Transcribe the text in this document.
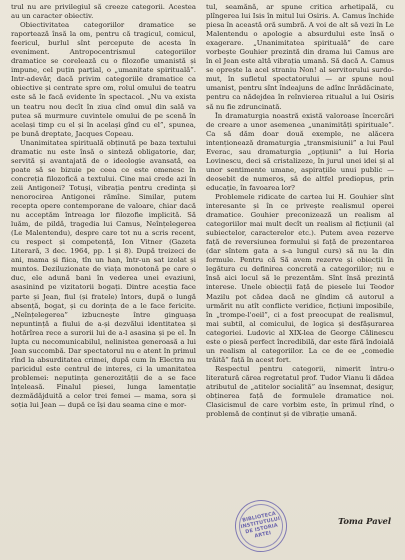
trul nu are privilegiul să creeze categorii. Acestea au un caracter obiectiv.

Obiectivitatea categoriilor dramatice se raportează însă la om, pentru că tragicul, comicul, feericul, burlul sînt percepute de acesta în eveniment. Antropocentrismul categoriilor dramatice se corelează cu o filozofie umanistă și impune, cel puțin parțial, o „umanitate spirituală”. Intr-adevăr, dacă privim categoriile dramatice ca obiective și centrate spre om, rolul omului de teatru este să le facă evidente în spectacol. „Nu va exista un teatru nou decît în ziua cînd omul din sală va putea să murmure cuvintele omului de pe scenă în același timp cu el și în același gînd cu el”, spunea, pe bună dreptate, Jacques Copeau.

Unanimitatea spirituală obținută pe baza textului dramatic nu este însă o sinteză obligatorie, dar, servită și avantajată de o ideologie avansată, ea poate să se bizuie pe ceea ce este omenesc în concreția filozofică a textului. Cine mai crede azi în zeii Antigonei? Totuși, vibrația pentru credința și nenorocirea Antigonei rămîne. Similar, putem recepta opere contemporane de valoare, chiar dacă nu acceptăm întreaga lor filozofie implicită. Să luăm, de pildă, tragedia lui Camus, Neînțelegerea (Le Malentendu), despre care tot nu a scris recent, cu respect și competență, Ion Vitner (Gazeta Literară, 3 dec. 1964, pp. 1 și 8). După treizeci de ani, mama și fiica, tîn un han, într-un sat izolat și muntos. Deziluzionate de viața monotonă pe care o duc, ele adună bani în vederea unei evaziuni, asasinind pe vizitatorii bogați. Dintre aceștia face parte și Jean, fiul (și fratele) întors, după o lungă absență, bogat, și cu dorința de a le face fericite. „Neînțelegerea” izbucnește între ginguașa nepuntință a fiului de a-și dezvălui identitatea și hotărîrea rece a surorii lui de a-l asasina și pe el. În lupta cu necomunicabilul, nelinistea generoasă a lui Jean succombă. Dar spectatorul nu e atent în primul rînd la absurditatea crimei, după cum în Electra nu paricidul este centrul de interes, ci la umanitatea problemei: neputința generozității de a se face înțeleasă. Finalul piesei, lunga lamentație dezmădăjduită a celor trei femei — mama, sora și soția lui Jean — după ce își dau seama cine e mor-

tul, seamănă, ar spune critica arhetipală, cu plîngerea lui Isis în mitul lui Osiris. A. Camus închide piesa în această oră sumbră. A voi de alt să vezi în Le Malentendu o apologie a absurdului este însă o exagerare. „Unanimitatea spirituală” de care vorbește Gouhier prezintă din drama lui Camus are în el Jean este altă vibrația umană. Să dacă A. Camus se oprește la acel straniu Non! al servitorului surdo-mut, în sufletul spectatorului — ar spune noul umanist, pentru sînt îndeajuns de adînc înrădăcinate, pentru ca nădejdea în reînvierea ritualul a lui Osiris să nu fie zdruncinată.

În dramaturgia noastră există valoroase încercări de creare a unor asemenea „unanimități spirituale”. Ca să dăm doar două exemple, ne alăcera intenționează dramaturgia „transmisiunii” a lui Paul Everac, sau dramaturgia „opțiunii” a lui Horia Lovinescu, deci să cristalizeze, în jurul unei idei și al unor sentimente umane, aspirațiile unui public — deosebit de numeros, să de altfel prediopus, prin educație, în favoarea lor?

Problemele ridicate de cartea lui H. Gouhier sînt interesante și în ce privește realismul operei dramatice. Gouhier preconizează un realism al categoriilor mai mult decît un realism al ficțiunii (al subiectelor, caracterelor etc.). Putem avea rezerve față de reversiunea formului și față de prezentarea (dar sîntem gata a s-a lungul curs) să nu la din formule. Pentru că Să avem rezerve și obiecții în legătura cu definirea concretă a categoriilor; nu e însă aici locul să le prezentăm. Sînt însă prezintă interese. Unele obiecții față de piesele lui Teodor Mazilu pot cădea dacă ne gîndim că autorul a urmărit nu atît conflicte veridice, ficțiuni imposibile, în „trompe-l'oeil”, ci a fost preocupat de realismul, mai subtil, al comicului, de logica și desfășurarea categoriei. Ludovic al XIX-lea de George Călinescu este o piesă perfect încredibilă, dar este fără îndoială un realism al categoriilor. La ce de ee „comedie trăită” față în acest fort.

Respectul pentru categorii, nimerit întru-o literatură cărea regretatul prof. Tudor Vianu îi dădea atributul de „atitelor socialită” au însemnat, desigur, obținerea față de formulele dramatice noi. Clasicismul de care vorbim este, în primul rînd, o problemă de conținut și de vibrație umană.

BIBLIOTECA
INSTITUTULUI
DE ISTORIA
ARTEI
Toma Pavel
